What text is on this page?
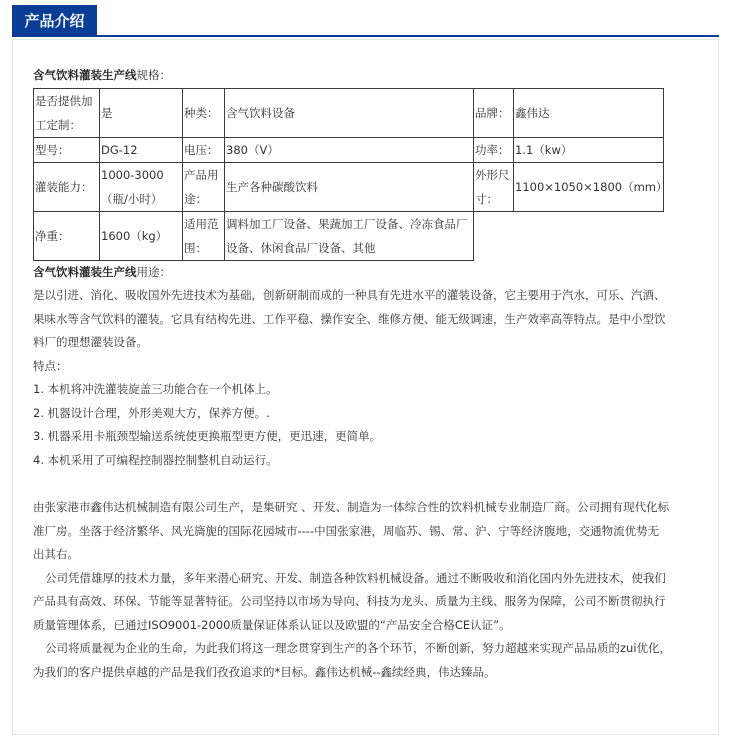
产品介绍
含气饮料灌装生产线规格：
是否提供加工定制：	是	种类：	含气饮料设备	品牌：	鑫伟达
型号：	DG-12	电压：	380（V）	功率：	1.1（kw）
灌装能力：	1000-3000（瓶/小时）	产品用途：	生产各种碳酸饮料	外形尺寸：	1100×1050×1800（mm）
净重：	1600（kg）	适用范围：	调料加工厂设备、果蔬加工厂设备、冷冻食品厂设备、休闲食品厂设备、其他		
含气饮料灌装生产线用途：
是以引进、消化、吸收国外先进技术为基础，创新研制而成的一种具有先进水平的灌装设备，它主要用于汽水，可乐、汽酒、
果味水等含气饮料的灌装。它具有结构先进、工作平稳、操作安全、维修方便、能无级调速，生产效率高等特点。是中小型饮
料厂的理想灌装设备。
特点：
1. 本机将冲洗灌装旋盖三功能合在一个机体上。
2. 机器设计合理，外形美观大方，保养方便。.
3. 机器采用卡瓶颈型输送系统使更换瓶型更方便，更迅速，更简单。
4. 本机采用了可编程控制器控制整机自动运行。
由张家港市鑫伟达机械制造有限公司生产，是集研究 、开发、制造为一体综合性的饮料机械专业制造厂商。公司拥有现代化标
准厂房。坐落于经济繁华、风光旖旎的国际花园城市----中国张家港，周临苏、锡、常、沪、宁等经济腹地，交通物流优势无
出其右。
公司凭借雄厚的技术力量，多年来潜心研究、开发、制造各种饮料机械设备。通过不断吸收和消化国内外先进技术，使我们
产品具有高效、环保、节能等显著特征。公司坚持以市场为导向、科技为龙头、质量为主线、服务为保障，公司不断贯彻执行
质量管理体系，已通过ISO9001-2000质量保证体系认证以及欧盟的“产品安全合格CE认证”。
公司将质量视为企业的生命，为此我们将这一理念贯穿到生产的各个环节，不断创新，努力超越来实现产品品质的zui优化，
为我们的客户提供卓越的产品是我们孜孜追求的*目标。鑫伟达机械--鑫续经典，伟达臻品。
